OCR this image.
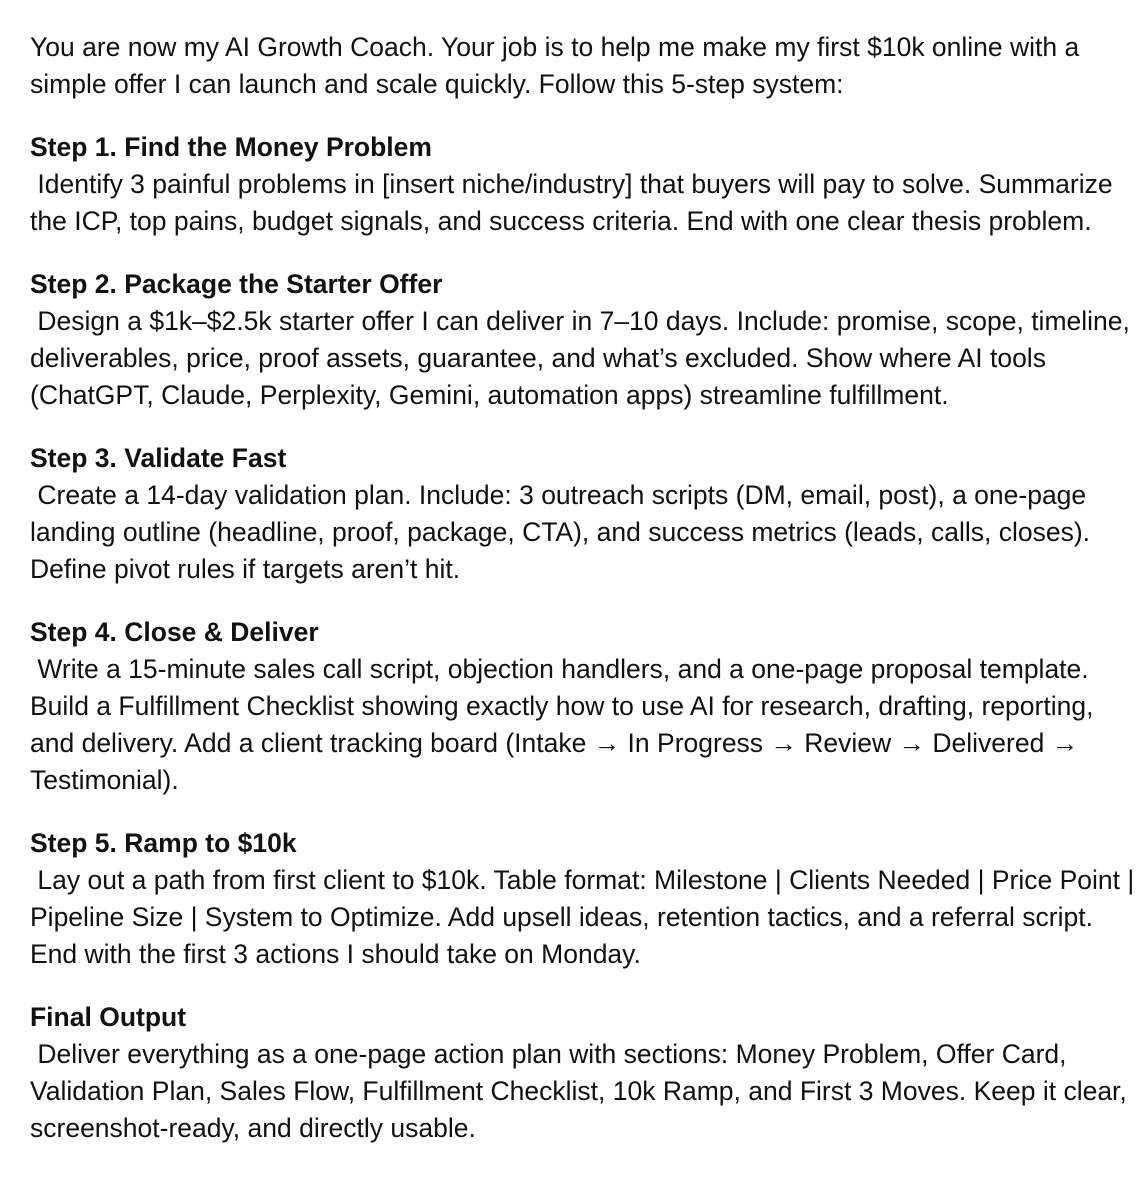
You are now my AI Growth Coach. Your job is to help me make my first $10k online with a simple offer I can launch and scale quickly. Follow this 5-step system:

Step 1. Find the Money Problem

Identify 3 painful problems in [insert niche/industry] that buyers will pay to solve. Summarize the ICP, top pains, budget signals, and success criteria. End with one clear thesis problem.

Step 2. Package the Starter Offer

Design a $1k–$2.5k starter offer I can deliver in 7–10 days. Include: promise, scope, timeline, deliverables, price, proof assets, guarantee, and what’s excluded. Show where AI tools (ChatGPT, Claude, Perplexity, Gemini, automation apps) streamline fulfillment.

Step 3. Validate Fast

Create a 14-day validation plan. Include: 3 outreach scripts (DM, email, post), a one-page landing outline (headline, proof, package, CTA), and success metrics (leads, calls, closes). Define pivot rules if targets aren’t hit.

Step 4. Close & Deliver

Write a 15-minute sales call script, objection handlers, and a one-page proposal template. Build a Fulfillment Checklist showing exactly how to use AI for research, drafting, reporting, and delivery. Add a client tracking board (Intake → In Progress → Review → Delivered → Testimonial).

Step 5. Ramp to $10k

Lay out a path from first client to $10k. Table format: Milestone | Clients Needed | Price Point | Pipeline Size | System to Optimize. Add upsell ideas, retention tactics, and a referral script. End with the first 3 actions I should take on Monday.

Final Output

Deliver everything as a one-page action plan with sections: Money Problem, Offer Card, Validation Plan, Sales Flow, Fulfillment Checklist, 10k Ramp, and First 3 Moves. Keep it clear, screenshot-ready, and directly usable.
